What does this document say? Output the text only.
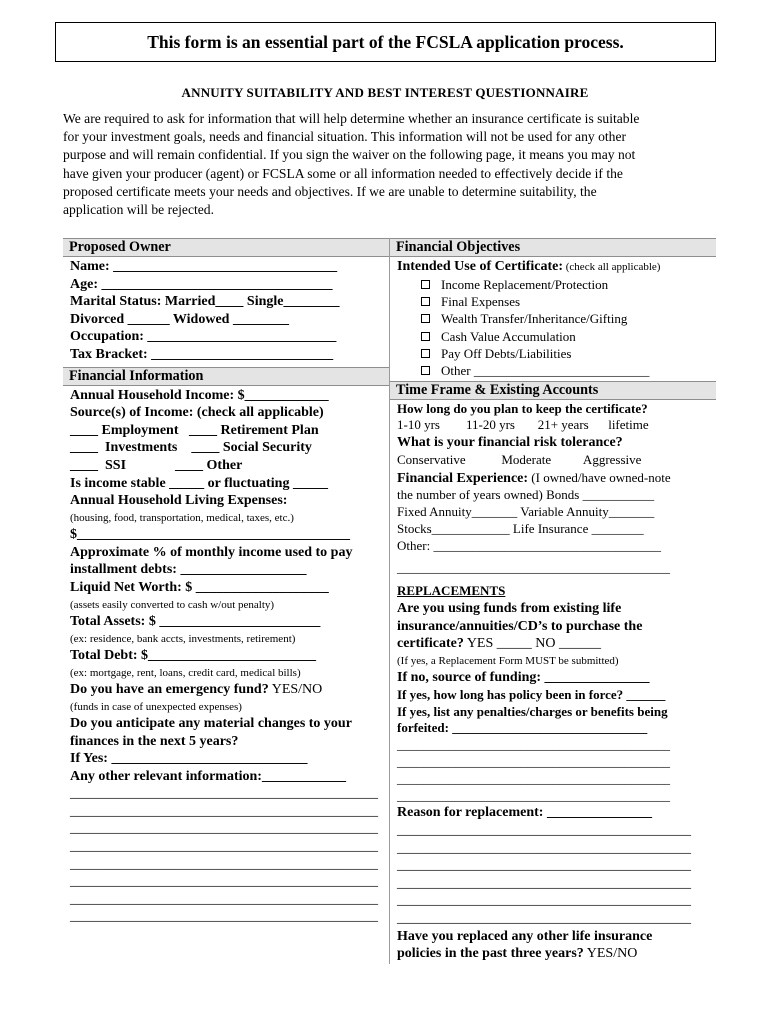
This form is an essential part of the FCSLA application process.
ANNUITY SUITABILITY AND BEST INTEREST QUESTIONNAIRE
We are required to ask for information that will help determine whether an insurance certificate is suitable
for your investment goals, needs and financial situation. This information will not be used for any other
purpose and will remain confidential. If you sign the waiver on the following page, it means you may not
have given your producer (agent) or FCSLA some or all information needed to effectively decide if the
proposed certificate meets your needs and objectives. If we are unable to determine suitability, the
application will be rejected.
Proposed Owner
Name: ________________________________
Age: _________________________________
Marital Status: Married____ Single________
Divorced ______ Widowed ________
Occupation: ___________________________
Tax Bracket: __________________________
Financial Information
Annual Household Income: $____________
Source(s) of Income: (check all applicable)
____ Employment   ____ Retirement Plan
____  Investments    ____ Social Security
____  SSI              ____ Other
Is income stable _____ or fluctuating _____
Annual Household Living Expenses:
(housing, food, transportation, medical, taxes, etc.)
$_______________________________________
Approximate % of monthly income used to pay
installment debts: __________________
Liquid Net Worth: $ ___________________
(assets easily converted to cash w/out penalty)
Total Assets: $ _______________________
(ex: residence, bank accts, investments, retirement)
Total Debt: $________________________
(ex: mortgage, rent, loans, credit card, medical bills)
Do you have an emergency fund? YES/NO
(funds in case of unexpected expenses)
Do you anticipate any material changes to your
finances in the next 5 years?
If Yes: ____________________________
Any other relevant information:____________
____________________________________________
____________________________________________
____________________________________________
____________________________________________
____________________________________________
____________________________________________
____________________________________________
____________________________________________
Financial Objectives
Intended Use of Certificate: (check all applicable)
Income Replacement/Protection
Final Expenses
Wealth Transfer/Inheritance/Gifting
Cash Value Accumulation
Pay Off Debts/Liabilities
Other ___________________________
Time Frame & Existing Accounts
How long do you plan to keep the certificate?
1-10 yrs        11-20 yrs       21+ years      lifetime
What is your financial risk tolerance?
Conservative           Moderate          Aggressive
Financial Experience: (I owned/have owned-note
the number of years owned) Bonds ___________
Fixed Annuity_______ Variable Annuity_______
Stocks____________ Life Insurance ________
Other: ___________________________________
__________________________________________
REPLACEMENTS
Are you using funds from existing life
insurance/annuities/CD’s to purchase the
certificate? YES _____ NO ______
(If yes, a Replacement Form MUST be submitted)
If no, source of funding: _______________
If yes, how long has policy been in force? ______
If yes, list any penalties/charges or benefits being
forfeited: ______________________________
__________________________________________
__________________________________________
__________________________________________
__________________________________________
Reason for replacement: _______________
__________________________________________
__________________________________________
__________________________________________
__________________________________________
__________________________________________
__________________________________________
Have you replaced any other life insurance
policies in the past three years? YES/NO
